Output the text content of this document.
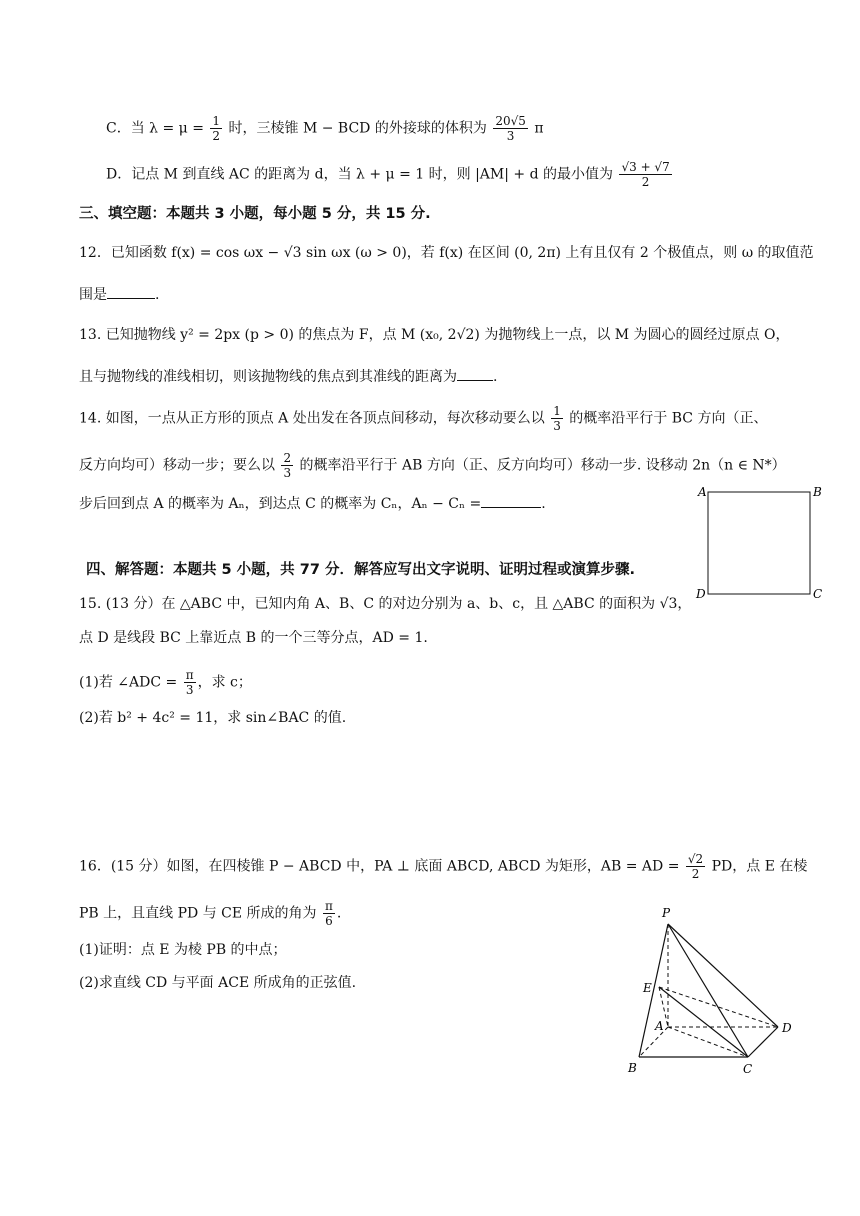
C．当 $\lambda = \mu = \frac{1}{2}$ 时，三棱锥 M − BCD 的外接球的体积为 $\frac{20√5}{3}$ π
D．记点 M 到直线 AC 的距离为 d，当 λ + μ = 1 时，则 |AM| + d 的最小值为 $\frac{√3 + √7}{2}$
三、填空题：本题共 3 小题，每小题 5 分，共 15 分.
12．已知函数 f(x) = cos ωx − √3 sin ωx (ω > 0)，若 f(x) 在区间 (0, 2π) 上有且仅有 2 个极值点，则 ω 的取值范
围是	.
13. 已知抛物线 y² = 2px (p > 0) 的焦点为 F，点 M (x₀, 2√2) 为抛物线上一点，以 M 为圆心的圆经过原点 O，
且与抛物线的准线相切，则该抛物线的焦点到其准线的距离为	.
14. 如图，一点从正方形的顶点 A 处出发在各顶点间移动，每次移动要么以 $\frac{1}{3}$ 的概率沿平行于 BC 方向（正、
反方向均可）移动一步；要么以 $\frac{2}{3}$ 的概率沿平行于 AB 方向（正、反方向均可）移动一步. 设移动 2n（n ∈ N*）
步后回到点 A 的概率为 Aₙ，到达点 C 的概率为 Cₙ，Aₙ − Cₙ =	.
A	B
C
D
四、解答题：本题共 5 小题，共 77 分．解答应写出文字说明、证明过程或演算步骤.
15. (13 分）在 △ABC 中，已知内角 A、B、C 的对边分别为 a、b、c，且 △ABC 的面积为 √3，
点 D 是线段 BC 上靠近点 B 的一个三等分点，AD = 1.
(1)若 ∠ADC = $\frac{\pi}{3}$ ，求 c；
(2)若 b² + 4c² = 11，求 sin∠BAC 的值.
16．(15 分）如图，在四棱锥 P − ABCD 中，PA ⊥ 底面 ABCD, ABCD 为矩形，AB = AD = $\frac{√2}{2}$ PD，点 E 在棱
PB 上，且直线 PD 与 CE 所成的角为 $\frac{\pi}{6}$ .
(1)证明：点 E 为棱 PB 的中点；
(2)求直线 CD 与平面 ACE 所成角的正弦值.
P
E
A
B	C
D
